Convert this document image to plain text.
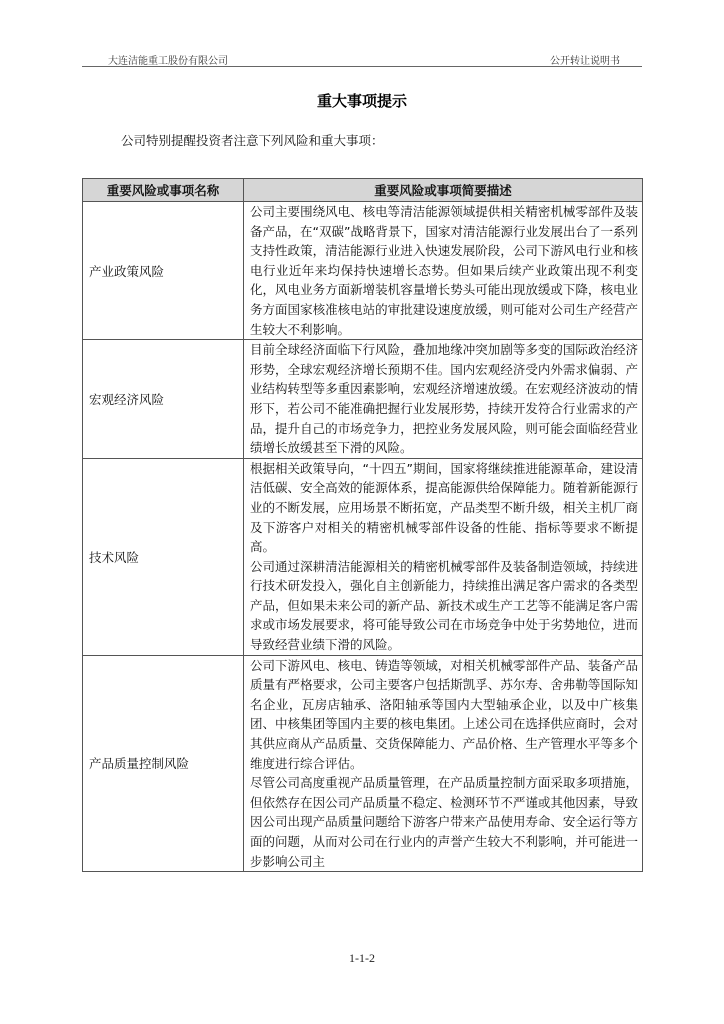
大连洁能重工股份有限公司	公开转让说明书
重大事项提示
公司特别提醒投资者注意下列风险和重大事项：
重要风险或事项名称	重要风险或事项简要描述
产业政策风险	公司主要围绕风电、核电等清洁能源领域提供相关精密机械零部件及装备产品，在“双碳”战略背景下，国家对清洁能源行业发展出台了一系列支持性政策，清洁能源行业进入快速发展阶段，公司下游风电行业和核电行业近年来均保持快速增长态势。但如果后续产业政策出现不利变化，风电业务方面新增装机容量增长势头可能出现放缓或下降，核电业务方面国家核准核电站的审批建设速度放缓，则可能对公司生产经营产生较大不利影响。

宏观经济风险	目前全球经济面临下行风险，叠加地缘冲突加剧等多变的国际政治经济形势，全球宏观经济增长预期不佳。国内宏观经济受内外需求偏弱、产业结构转型等多重因素影响，宏观经济增速放缓。在宏观经济波动的情形下，若公司不能准确把握行业发展形势，持续开发符合行业需求的产品，提升自己的市场竞争力，把控业务发展风险，则可能会面临经营业绩增长放缓甚至下滑的风险。

技术风险	根据相关政策导向，“十四五”期间，国家将继续推进能源革命，建设清洁低碳、安全高效的能源体系，提高能源供给保障能力。随着新能源行业的不断发展，应用场景不断拓宽，产品类型不断升级，相关主机厂商及下游客户对相关的精密机械零部件设备的性能、指标等要求不断提高。

公司通过深耕清洁能源相关的精密机械零部件及装备制造领域，持续进行技术研发投入，强化自主创新能力，持续推出满足客户需求的各类型产品，但如果未来公司的新产品、新技术或生产工艺等不能满足客户需求或市场发展要求，将可能导致公司在市场竞争中处于劣势地位，进而导致经营业绩下滑的风险。

产品质量控制风险	公司下游风电、核电、铸造等领域，对相关机械零部件产品、装备产品质量有严格要求，公司主要客户包括斯凯孚、苏尔寿、舍弗勒等国际知名企业，瓦房店轴承、洛阳轴承等国内大型轴承企业，以及中广核集团、中核集团等国内主要的核电集团。上述公司在选择供应商时，会对其供应商从产品质量、交货保障能力、产品价格、生产管理水平等多个维度进行综合评估。

尽管公司高度重视产品质量管理，在产品质量控制方面采取多项措施，但依然存在因公司产品质量不稳定、检测环节不严谨或其他因素，导致因公司出现产品质量问题给下游客户带来产品使用寿命、安全运行等方面的问题，从而对公司在行业内的声誉产生较大不利影响，并可能进一步影响公司主

1-1-2
